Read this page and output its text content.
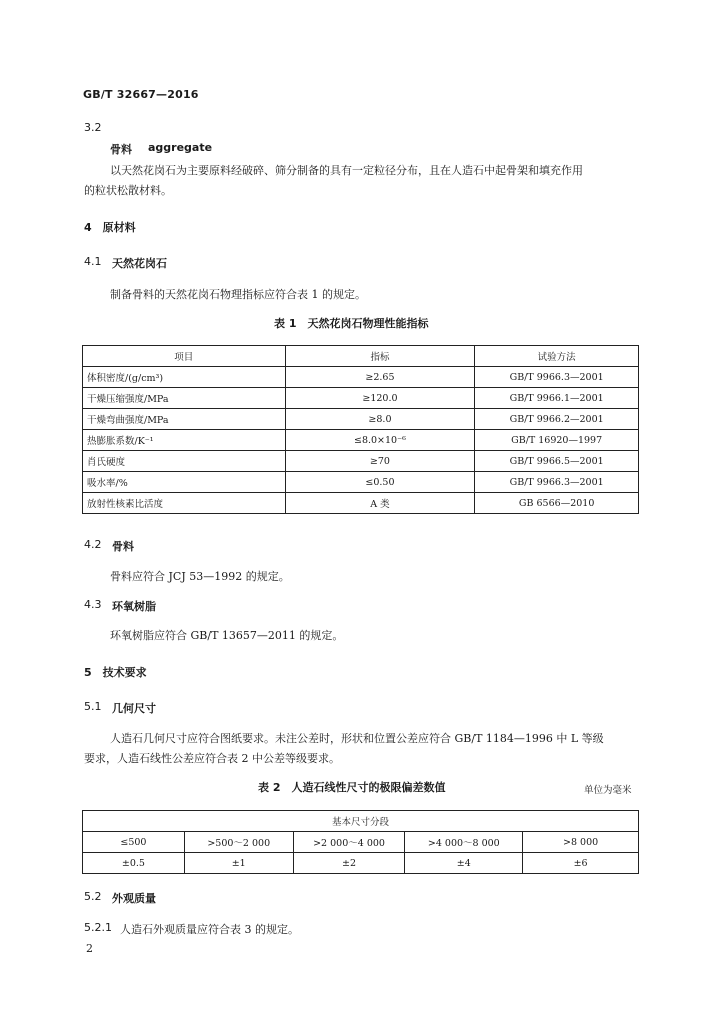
GB/T 32667—2016
3.2
骨料 aggregate
以天然花岗石为主要原料经破碎、筛分制备的具有一定粒径分布，且在人造石中起骨架和填充作用
的粒状松散材料。
4　原材料
4.1 天然花岗石
制备骨料的天然花岗石物理指标应符合表 1 的规定。
表 1　天然花岗石物理性能指标
项目	指标	试验方法
体积密度/(g/cm³)	≥2.65	GB/T 9966.3—2001
干燥压缩强度/MPa	≥120.0	GB/T 9966.1—2001
干燥弯曲强度/MPa	≥8.0	GB/T 9966.2—2001
热膨胀系数/K⁻¹	≤8.0×10⁻⁶	GB/T 16920—1997
肖氏硬度	≥70	GB/T 9966.5—2001
吸水率/%	≤0.50	GB/T 9966.3—2001
放射性核素比活度	A 类	GB 6566—2010
4.2 骨料
骨料应符合 JCJ 53—1992 的规定。
4.3 环氧树脂
环氧树脂应符合 GB/T 13657—2011 的规定。
5　技术要求
5.1 几何尺寸
人造石几何尺寸应符合图纸要求。未注公差时，形状和位置公差应符合 GB/T 1184—1996 中 L 等级
要求，人造石线性公差应符合表 2 中公差等级要求。
表 2　人造石线性尺寸的极限偏差数值	单位为毫米
基本尺寸分段				
≤500	>500～2 000	>2 000～4 000	>4 000～8 000	>8 000
±0.5	±1	±2	±4	±6
5.2 外观质量
5.2.1 人造石外观质量应符合表 3 的规定。
2
